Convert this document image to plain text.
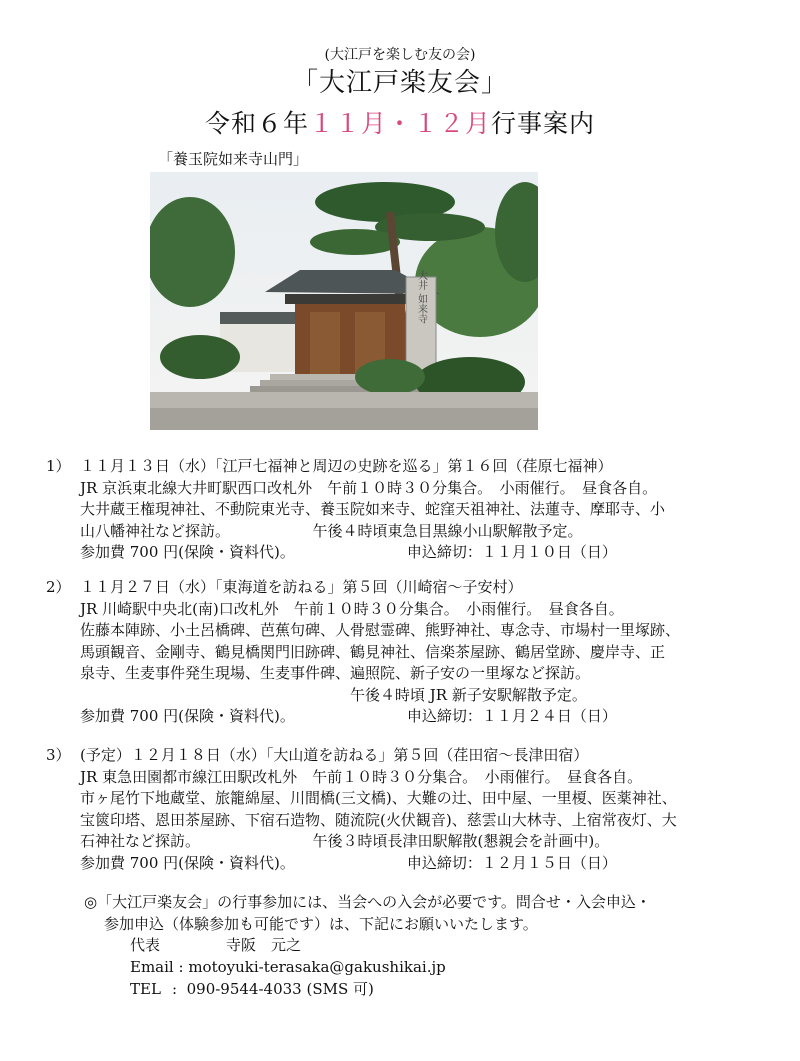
(大江戸を楽しむ友の会)
「大江戸楽友会」
令和６年１１月・１２月行事案内
「養玉院如来寺山門」
大井 如来寺
1） １１月１３日（水）「江戸七福神と周辺の史跡を巡る」第１６回（荏原七福神）
JR 京浜東北線大井町駅西口改札外　午前１０時３０分集合。　小雨催行。　昼食各自。
大井蔵王権現神社、不動院東光寺、養玉院如来寺、蛇窪天祖神社、法蓮寺、摩耶寺、小
山八幡神社など探訪。　　　　　　午後４時頃東急目黒線小山駅解散予定。
参加費 700 円(保険・資料代)。	申込締切：１１月１０日（日）
2） １１月２７日（水）「東海道を訪ねる」第５回（川崎宿～子安村）
JR 川崎駅中央北(南)口改札外　午前１０時３０分集合。　小雨催行。　昼食各自。
佐藤本陣跡、小土呂橋碑、芭蕉句碑、人骨慰霊碑、熊野神社、専念寺、市場村一里塚跡、
馬頭観音、金剛寺、鶴見橋関門旧跡碑、鶴見神社、信楽茶屋跡、鶴居堂跡、慶岸寺、正
泉寺、生麦事件発生現場、生麦事件碑、遍照院、新子安の一里塚など探訪。
　　　　　　　　　　　　　　　　　　午後４時頃 JR 新子安駅解散予定。
参加費 700 円(保険・資料代)。	申込締切：１１月２４日（日）
3） (予定）１２月１８日（水）「大山道を訪ねる」第５回（荏田宿～長津田宿）
JR 東急田園都市線江田駅改札外　午前１０時３０分集合。　小雨催行。　昼食各自。
市ヶ尾竹下地蔵堂、旅籠綿屋、川間橋(三文橋)、大難の辻、田中屋、一里榎、医薬神社、
宝篋印塔、恩田茶屋跡、下宿石造物、随流院(火伏観音)、慈雲山大林寺、上宿常夜灯、大
石神社など探訪。　　　　　　　　午後３時頃長津田駅解散(懇親会を計画中)。
参加費 700 円(保険・資料代)。	申込締切：１２月１５日（日）
◎「大江戸楽友会」の行事参加には、当会への入会が必要です。問合せ・入会申込・
参加申込（体験参加も可能です）は、下記にお願いいたします。
代表	寺阪　元之
Email : motoyuki-terasaka@gakushikai.jp
TEL : 090-9544-4033 (SMS 可)
